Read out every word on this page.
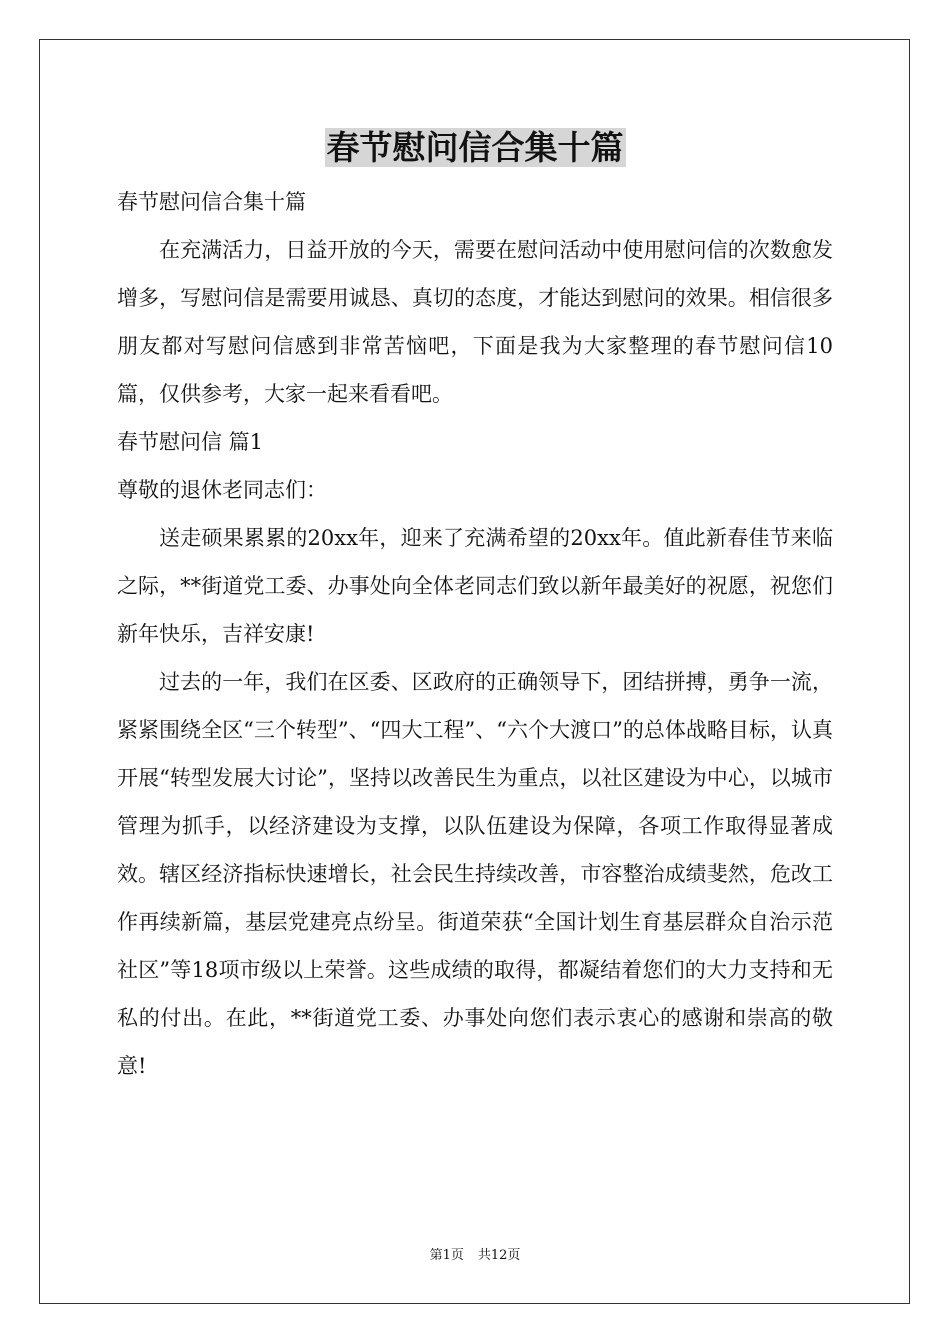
春节慰问信合集十篇

春节慰问信合集十篇

在充满活力，日益开放的今天，需要在慰问活动中使用慰问信的次数愈发增多，写慰问信是需要用诚恳、真切的态度，才能达到慰问的效果。相信很多朋友都对写慰问信感到非常苦恼吧，下面是我为大家整理的春节慰问信10篇，仅供参考，大家一起来看看吧。

春节慰问信 篇1

尊敬的退休老同志们：

送走硕果累累的20xx年，迎来了充满希望的20xx年。值此新春佳节来临之际，**街道党工委、办事处向全体老同志们致以新年最美好的祝愿，祝您们新年快乐，吉祥安康!

过去的一年，我们在区委、区政府的正确领导下，团结拼搏，勇争一流，紧紧围绕全区“三个转型”、“四大工程”、“六个大渡口”的总体战略目标，认真开展“转型发展大讨论”，坚持以改善民生为重点，以社区建设为中心，以城市管理为抓手，以经济建设为支撑，以队伍建设为保障，各项工作取得显著成效。辖区经济指标快速增长，社会民生持续改善，市容整治成绩斐然，危改工作再续新篇，基层党建亮点纷呈。街道荣获“全国计划生育基层群众自治示范社区”等18项市级以上荣誉。这些成绩的取得，都凝结着您们的大力支持和无私的付出。在此，**街道党工委、办事处向您们表示衷心的感谢和崇高的敬意!

第1页 共12页
